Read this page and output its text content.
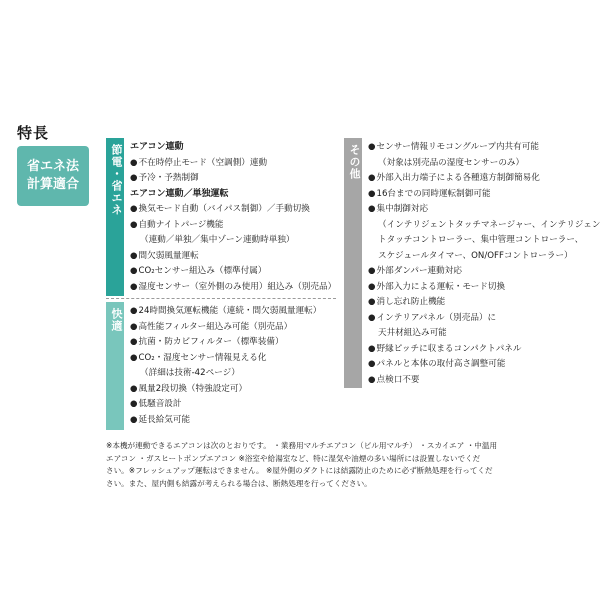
特長
省エネ法
計算適合	節電・省エネ エアコン連動
●不在時停止モード（空調側）連動
●予冷・予熱制御
エアコン連動／単独運転
●換気モード自動（バイパス制御）／手動切換
●自動ナイトパージ機能
（連動／単独／集中ゾーン連動時単独）
●間欠弱風量運転
●CO₂センサー組込み（標準付属）
●湿度センサー（室外側のみ使用）組込み（別売品）
快適 ●24時間換気運転機能（連続・間欠弱風量運転）
●高性能フィルター組込み可能（別売品）
●抗菌・防カビフィルター（標準装備）
●CO₂・湿度センサー情報見える化
（詳細は技術-42ページ）
●風量2段切換（特強設定可）
●低騒音設計
●延長給気可能
その他 ●センサー情報リモコングループ内共有可能
（対象は別売品の湿度センサーのみ）
●外部入出力端子による各種遠方制御簡易化
●16台までの同時運転制御可能
●集中制御対応
（インテリジェントタッチマネージャー、インテリジェン
トタッチコントローラー、集中管理コントローラー、
スケジュールタイマー、ON/OFFコントローラー）
●外部ダンパー連動対応
●外部入力による運転・モード切換
●消し忘れ防止機能
●インテリアパネル（別売品）に
天井材組込み可能
●野縁ピッチに収まるコンパクトパネル
●パネルと本体の取付高さ調整可能
●点検口不要
※本機が連動できるエアコンは次のとおりです。 ・業務用マルチエアコン（ビル用マルチ） ・スカイエア ・中温用
エアコン ・ガスヒートポンプエアコン ※浴室や給湯室など、特に湿気や油煙の多い場所には設置しないでくだ
さい。※フレッシュアップ運転はできません。 ※屋外側のダクトには結露防止のために必ず断熱処理を行ってくだ
さい。また、屋内側も結露が考えられる場合は、断熱処理を行ってください。
